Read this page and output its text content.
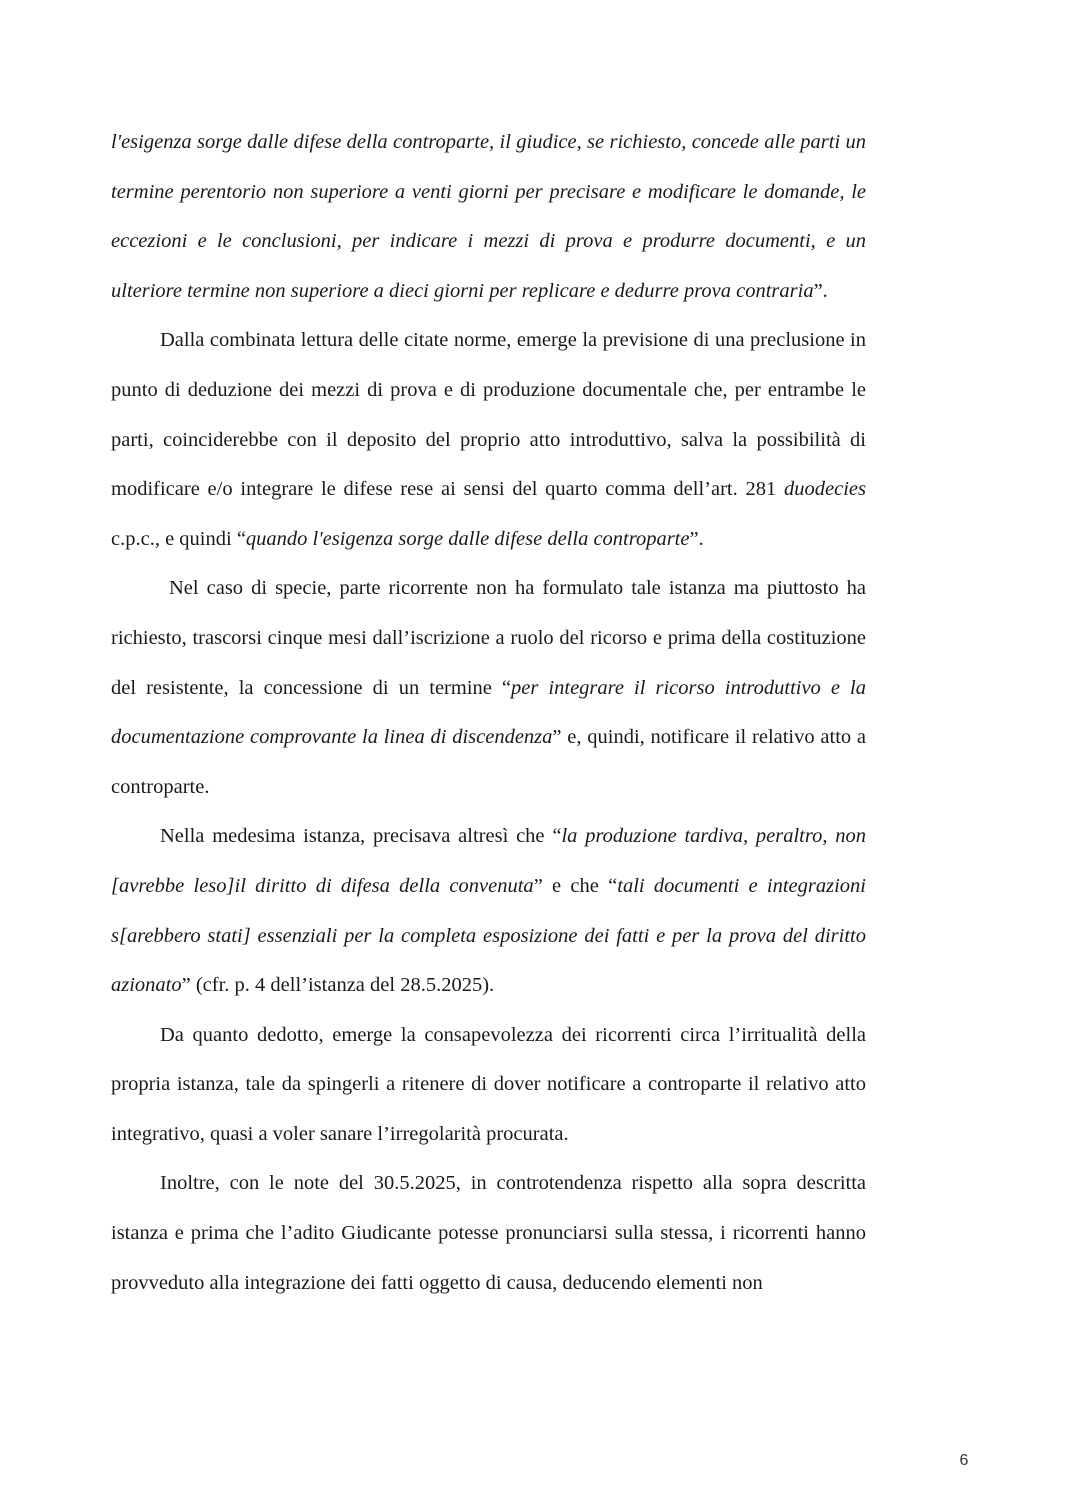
l'esigenza sorge dalle difese della controparte, il giudice, se richiesto, concede alle parti un termine perentorio non superiore a venti giorni per precisare e modificare le domande, le eccezioni e le conclusioni, per indicare i mezzi di prova e produrre documenti, e un ulteriore termine non superiore a dieci giorni per replicare e dedurre prova contraria”.

Dalla combinata lettura delle citate norme, emerge la previsione di una preclusione in punto di deduzione dei mezzi di prova e di produzione documentale che, per entrambe le parti, coinciderebbe con il deposito del proprio atto introduttivo, salva la possibilità di modificare e/o integrare le difese rese ai sensi del quarto comma dell’art. 281 duodecies c.p.c., e quindi “quando l'esigenza sorge dalle difese della controparte”.

Nel caso di specie, parte ricorrente non ha formulato tale istanza ma piuttosto ha richiesto, trascorsi cinque mesi dall’iscrizione a ruolo del ricorso e prima della costituzione del resistente, la concessione di un termine “per integrare il ricorso introduttivo e la documentazione comprovante la linea di discendenza” e, quindi, notificare il relativo atto a controparte.

Nella medesima istanza, precisava altresì che “la produzione tardiva, peraltro, non [avrebbe leso]il diritto di difesa della convenuta” e che “tali documenti e integrazioni s[arebbero stati] essenziali per la completa esposizione dei fatti e per la prova del diritto azionato” (cfr. p. 4 dell’istanza del 28.5.2025).

Da quanto dedotto, emerge la consapevolezza dei ricorrenti circa l’irritualità della propria istanza, tale da spingerli a ritenere di dover notificare a controparte il relativo atto integrativo, quasi a voler sanare l’irregolarità procurata.

Inoltre, con le note del 30.5.2025, in controtendenza rispetto alla sopra descritta istanza e prima che l’adito Giudicante potesse pronunciarsi sulla stessa, i ricorrenti hanno provveduto alla integrazione dei fatti oggetto di causa, deducendo elementi non

6
